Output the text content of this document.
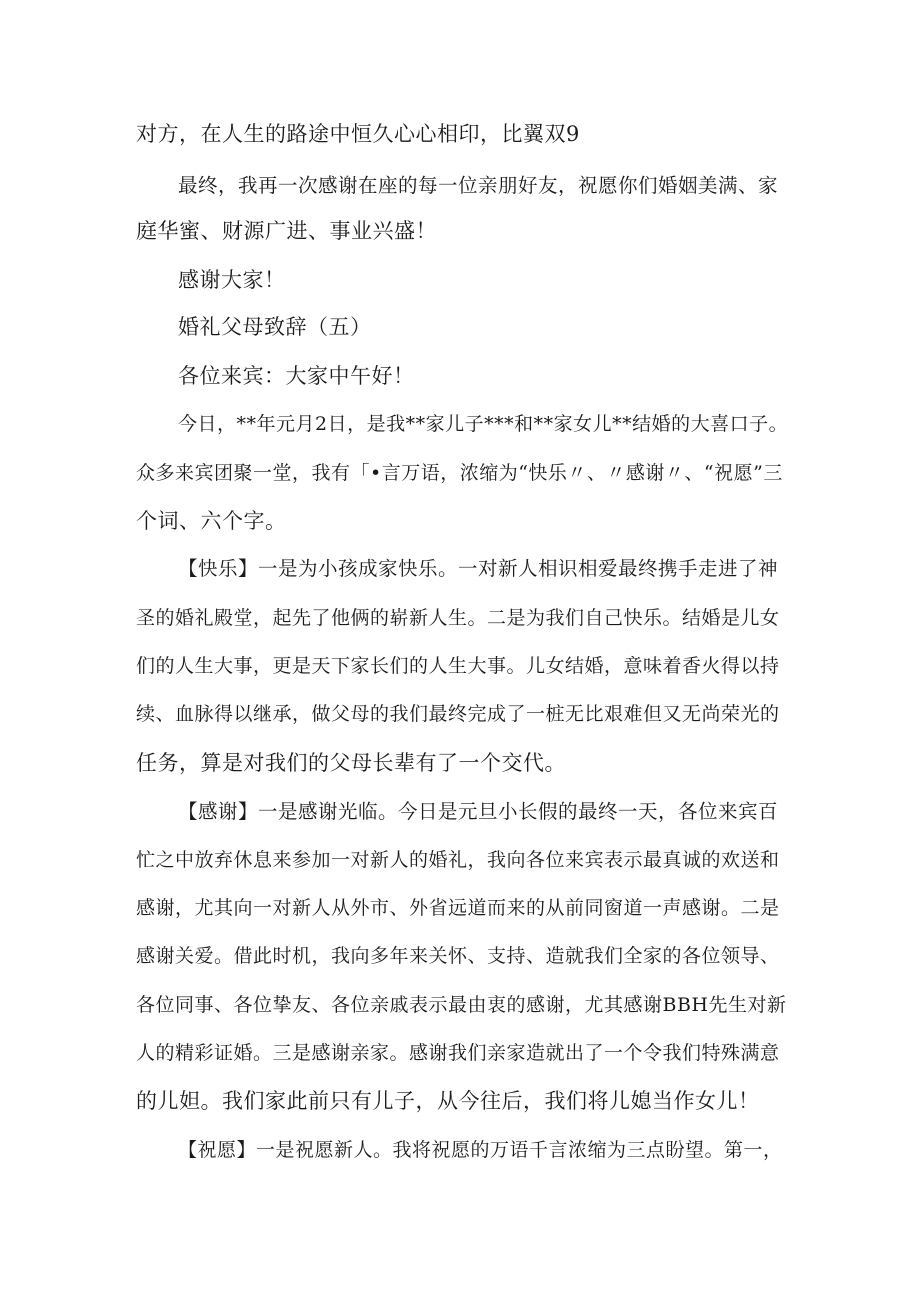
对方，在人生的路途中恒久心心相印，比翼双9
最终，我再一次感谢在座的每一位亲朋好友，祝愿你们婚姻美满、家
庭华蜜、财源广进、事业兴盛！
感谢大家！
婚礼父母致辞（五）
各位来宾：大家中午好！
今日，**年元月2日，是我**家儿子***和**家女儿**结婚的大喜口子。
众多来宾团聚一堂，我有「•言万语，浓缩为“快乐〃、〃感谢〃、“祝愿”三
个词、六个字。
【快乐】一是为小孩成家快乐。一对新人相识相爱最终携手走进了神
圣的婚礼殿堂，起先了他俩的崭新人生。二是为我们自己快乐。结婚是儿女
们的人生大事，更是天下家长们的人生大事。儿女结婚，意味着香火得以持
续、血脉得以继承，做父母的我们最终完成了一桩无比艰难但又无尚荣光的
任务，算是对我们的父母长辈有了一个交代。
【感谢】一是感谢光临。今日是元旦小长假的最终一天，各位来宾百
忙之中放弃休息来参加一对新人的婚礼，我向各位来宾表示最真诚的欢送和
感谢，尤其向一对新人从外市、外省远道而来的从前同窗道一声感谢。二是
感谢关爱。借此时机，我向多年来关怀、支持、造就我们全家的各位领导、
各位同事、各位挚友、各位亲戚表示最由衷的感谢，尤其感谢BBH先生对新
人的精彩证婚。三是感谢亲家。感谢我们亲家造就出了一个令我们特殊满意
的儿妲。我们家此前只有儿子，从今往后，我们将儿媳当作女儿！
【祝愿】一是祝愿新人。我将祝愿的万语千言浓缩为三点盼望。第一，
